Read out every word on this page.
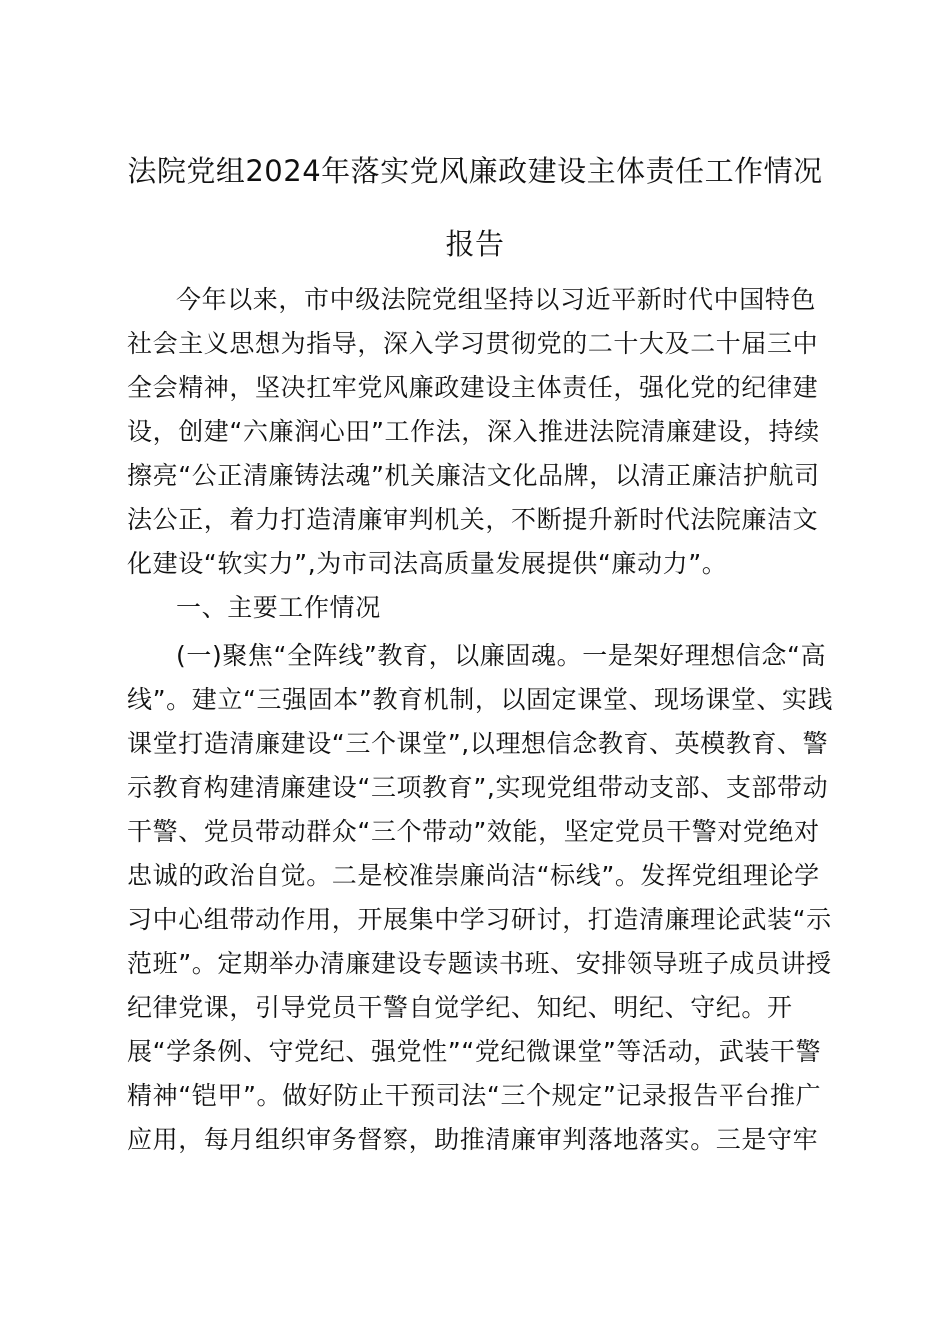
法院党组2024年落实党风廉政建设主体责任工作情况
报告
今年以来，市中级法院党组坚持以习近平新时代中国特色
社会主义思想为指导，深入学习贯彻党的二十大及二十届三中
全会精神，坚决扛牢党风廉政建设主体责任，强化党的纪律建
设，创建“六廉润心田”工作法，深入推进法院清廉建设，持续
擦亮“公正清廉铸法魂”机关廉洁文化品牌，以清正廉洁护航司
法公正，着力打造清廉审判机关，不断提升新时代法院廉洁文
化建设“软实力”,为市司法高质量发展提供“廉动力”。
一、主要工作情况
(一)聚焦“全阵线”教育，以廉固魂。一是架好理想信念“高
线”。建立“三强固本”教育机制，以固定课堂、现场课堂、实践
课堂打造清廉建设“三个课堂”,以理想信念教育、英模教育、警
示教育构建清廉建设“三项教育”,实现党组带动支部、支部带动
干警、党员带动群众“三个带动”效能，坚定党员干警对党绝对
忠诚的政治自觉。二是校准崇廉尚洁“标线”。发挥党组理论学
习中心组带动作用，开展集中学习研讨，打造清廉理论武装“示
范班”。定期举办清廉建设专题读书班、安排领导班子成员讲授
纪律党课，引导党员干警自觉学纪、知纪、明纪、守纪。开
展“学条例、守党纪、强党性”“党纪微课堂”等活动，武装干警
精神“铠甲”。做好防止干预司法“三个规定”记录报告平台推广
应用，每月组织审务督察，助推清廉审判落地落实。三是守牢
